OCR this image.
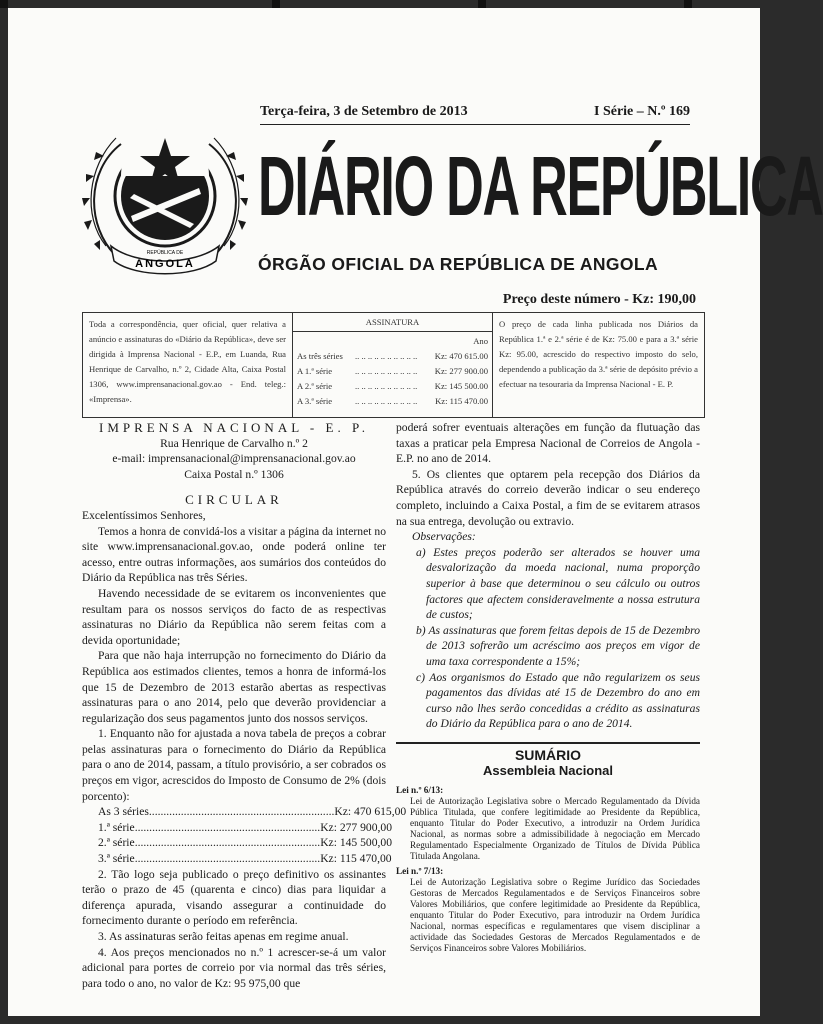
Terça-feira, 3 de Setembro de 2013	I Série – N.º 169
ANGOLA
REPÚBLICA DE
DIÁRIO DA REPÚBLICA
ÓRGÃO OFICIAL DA REPÚBLICA DE ANGOLA
Preço deste número - Kz: 190,00
Toda a correspondência, quer oficial, quer relativa a anúncio e assinaturas do «Diário da República», deve ser dirigida à Imprensa Nacional - E.P., em Luanda, Rua Henrique de Carvalho, n.º 2, Cidade Alta, Caixa Postal 1306, www.imprensanacional.gov.ao - End. teleg.: «Imprensa».
ASSINATURA
Ano
As três séries	.. .. .. .. .. .. .. .. .. ..	Kz: 470 615.00
A 1.ª série	.. .. .. .. .. .. .. .. .. ..	Kz: 277 900.00
A 2.ª série	.. .. .. .. .. .. .. .. .. ..	Kz: 145 500.00
A 3.ª série	.. .. .. .. .. .. .. .. .. ..	Kz: 115 470.00
O preço de cada linha publicada nos Diários da República 1.ª e 2.ª série é de Kz: 75.00 e para a 3.ª série Kz: 95.00, acrescido do respectivo imposto do selo, dependendo a publicação da 3.ª série de depósito prévio a efectuar na tesouraria da Imprensa Nacional - E. P.
IMPRENSA NACIONAL - E. P.
Rua Henrique de Carvalho n.º 2
e-mail: imprensanacional@imprensanacional.gov.ao
Caixa Postal n.º 1306
CIRCULAR
Excelentíssimos Senhores,

Temos a honra de convidá-los a visitar a página da internet no site www.imprensanacional.gov.ao, onde poderá online ter acesso, entre outras informações, aos sumários dos conteúdos do Diário da República nas três Séries.

Havendo necessidade de se evitarem os inconvenientes que resultam para os nossos serviços do facto de as respectivas assinaturas no Diário da República não serem feitas com a devida oportunidade;

Para que não haja interrupção no fornecimento do Diário da República aos estimados clientes, temos a honra de informá-los que 15 de Dezembro de 2013 estarão abertas as respectivas assinaturas para o ano 2014, pelo que deverão providenciar a regularização dos seus pagamentos junto dos nossos serviços.

1. Enquanto não for ajustada a nova tabela de preços a cobrar pelas assinaturas para o fornecimento do Diário da República para o ano de 2014, passam, a título provisório, a ser cobrados os preços em vigor, acrescidos do Imposto de Consumo de 2% (dois porcento):

As 3 séries ................................................................ Kz: 470 615,00
1.ª série ................................................................ Kz: 277 900,00
2.ª série ................................................................ Kz: 145 500,00
3.ª série ................................................................ Kz: 115 470,00

2. Tão logo seja publicado o preço definitivo os assinantes terão o prazo de 45 (quarenta e cinco) dias para liquidar a diferença apurada, visando assegurar a continuidade do fornecimento durante o período em referência.

3. As assinaturas serão feitas apenas em regime anual.

4. Aos preços mencionados no n.º 1 acrescer-se-á um valor adicional para portes de correio por via normal das três séries, para todo o ano, no valor de Kz: 95 975,00 que

poderá sofrer eventuais alterações em função da flutuação das taxas a praticar pela Empresa Nacional de Correios de Angola - E.P. no ano de 2014.

5. Os clientes que optarem pela recepção dos Diários da República através do correio deverão indicar o seu endereço completo, incluindo a Caixa Postal, a fim de se evitarem atrasos na sua entrega, devolução ou extravio.

Observações:
a) Estes preços poderão ser alterados se houver uma desvalorização da moeda nacional, numa proporção superior à base que determinou o seu cálculo ou outros factores que afectem consideravelmente a nossa estrutura de custos;
b) As assinaturas que forem feitas depois de 15 de Dezembro de 2013 sofrerão um acréscimo aos preços em vigor de uma taxa correspondente a 15%;
c) Aos organismos do Estado que não regularizem os seus pagamentos das dívidas até 15 de Dezembro do ano em curso não lhes serão concedidas a crédito as assinaturas do Diário da República para o ano de 2014.
SUMÁRIO
Assembleia Nacional
Lei n.º 6/13:
Lei de Autorização Legislativa sobre o Mercado Regulamentado da Dívida Pública Titulada, que confere legitimidade ao Presidente da República, enquanto Titular do Poder Executivo, a introduzir na Ordem Jurídica Nacional, as normas sobre a admissibilidade à negociação em Mercado Regulamentado Especialmente Organizado de Títulos de Dívida Pública Titulada Angolana.
Lei n.º 7/13:
Lei de Autorização Legislativa sobre o Regime Jurídico das Sociedades Gestoras de Mercados Regulamentados e de Serviços Financeiros sobre Valores Mobiliários, que confere legitimidade ao Presidente da República, enquanto Titular do Poder Executivo, para introduzir na Ordem Jurídica Nacional, normas específicas e regulamentares que visem disciplinar a actividade das Sociedades Gestoras de Mercados Regulamentados e de Serviços Financeiros sobre Valores Mobiliários.
